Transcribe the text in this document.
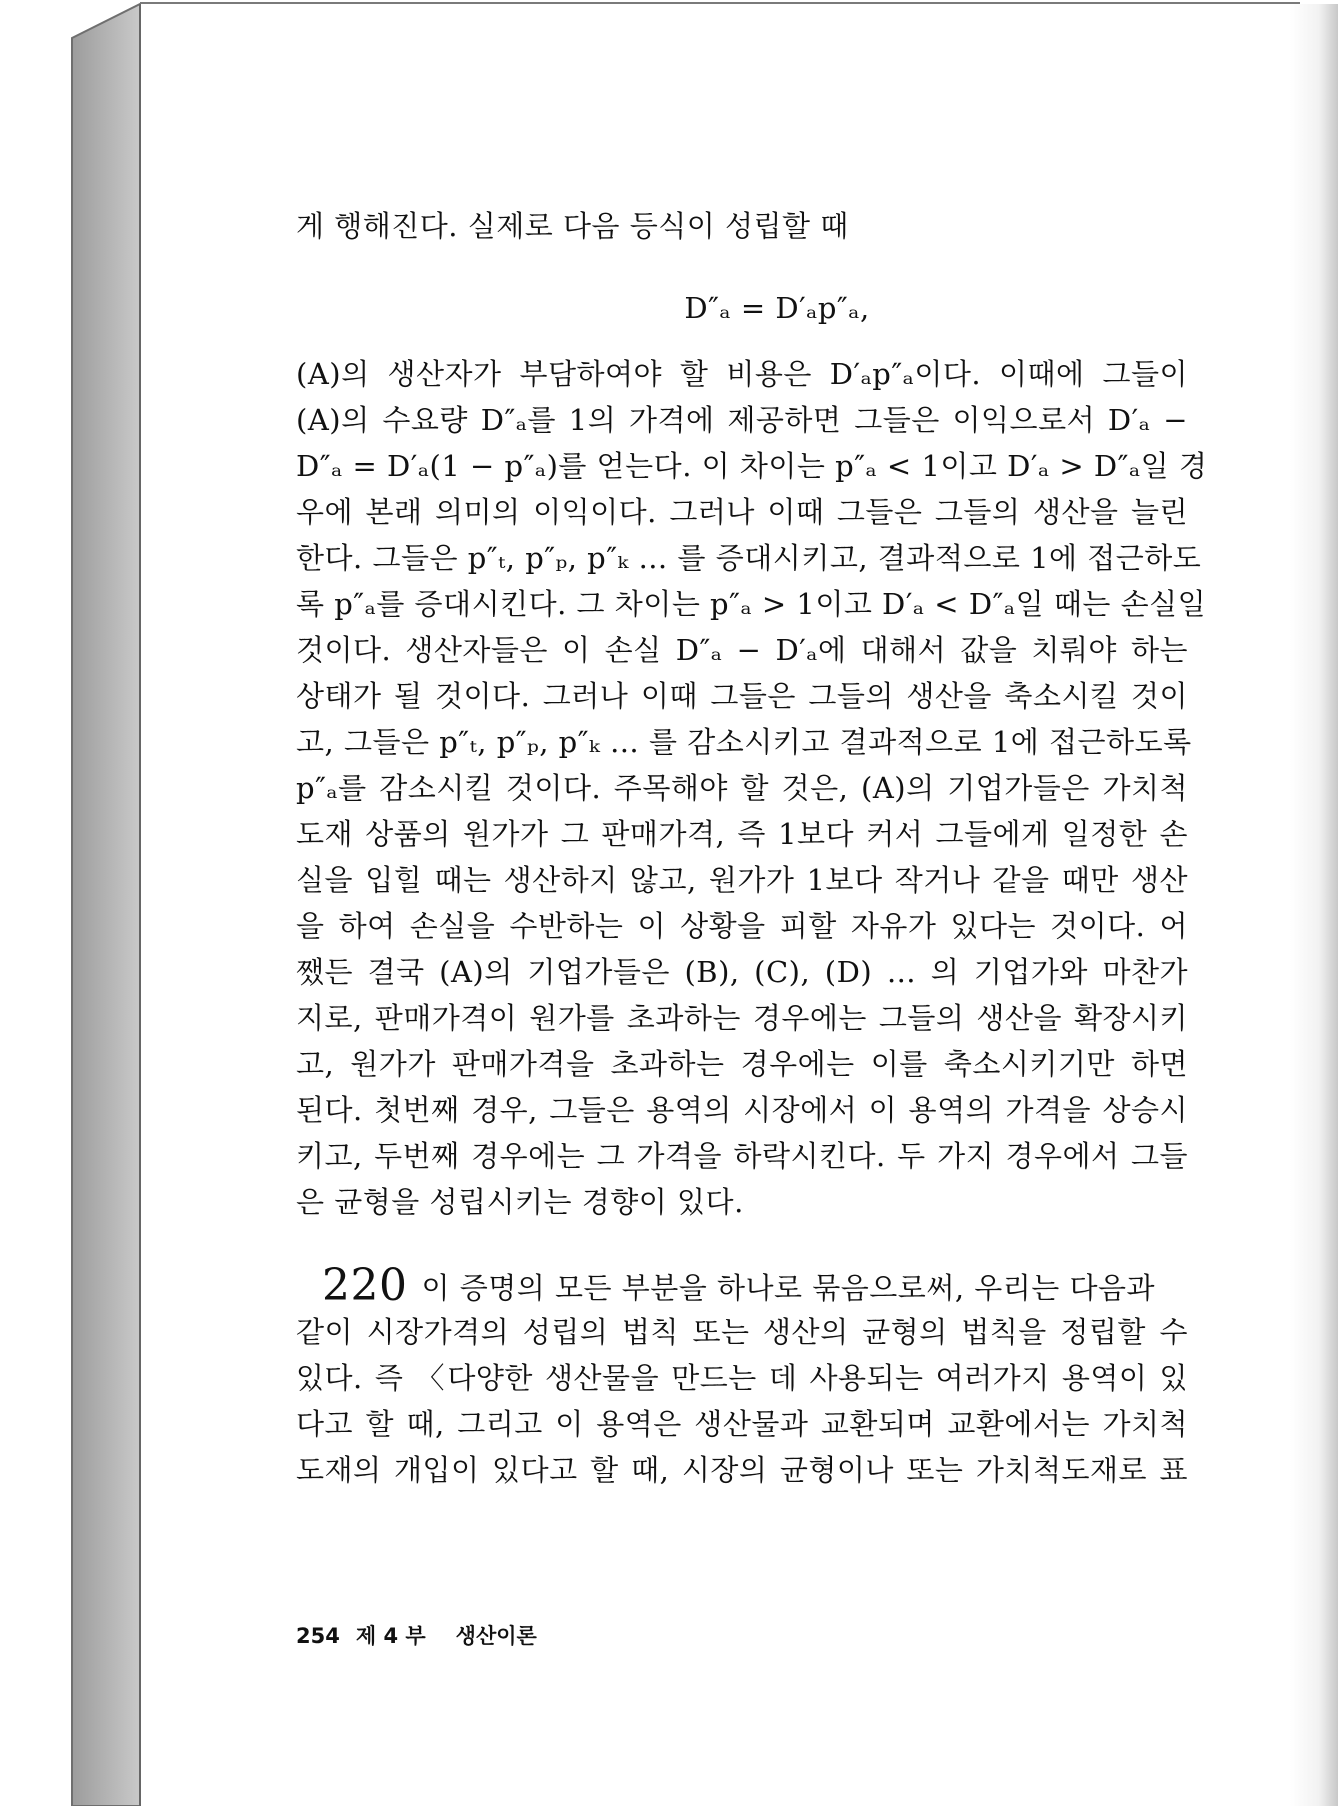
게 행해진다. 실제로 다음 등식이 성립할 때
D″ₐ = D′ₐp″ₐ,
(A)의 생산자가 부담하여야 할 비용은 D′ₐp″ₐ이다. 이때에 그들이
(A)의 수요량 D″ₐ를 1의 가격에 제공하면 그들은 이익으로서 D′ₐ −
D″ₐ = D′ₐ(1 − p″ₐ)를 얻는다. 이 차이는 p″ₐ < 1이고 D′ₐ > D″ₐ일 경
우에 본래 의미의 이익이다. 그러나 이때 그들은 그들의 생산을 늘린
한다. 그들은 p″ₜ, p″ₚ, p″ₖ … 를 증대시키고, 결과적으로 1에 접근하도
록 p″ₐ를 증대시킨다. 그 차이는 p″ₐ > 1이고 D′ₐ < D″ₐ일 때는 손실일
것이다. 생산자들은 이 손실 D″ₐ − D′ₐ에 대해서 값을 치뤄야 하는
상태가 될 것이다. 그러나 이때 그들은 그들의 생산을 축소시킬 것이
고, 그들은 p″ₜ, p″ₚ, p″ₖ … 를 감소시키고 결과적으로 1에 접근하도록
p″ₐ를 감소시킬 것이다. 주목해야 할 것은, (A)의 기업가들은 가치척
도재 상품의 원가가 그 판매가격, 즉 1보다 커서 그들에게 일정한 손
실을 입힐 때는 생산하지 않고, 원가가 1보다 작거나 같을 때만 생산
을 하여 손실을 수반하는 이 상황을 피할 자유가 있다는 것이다. 어
쨌든 결국 (A)의 기업가들은 (B), (C), (D) … 의 기업가와 마찬가
지로, 판매가격이 원가를 초과하는 경우에는 그들의 생산을 확장시키
고, 원가가 판매가격을 초과하는 경우에는 이를 축소시키기만 하면
된다. 첫번째 경우, 그들은 용역의 시장에서 이 용역의 가격을 상승시
키고, 두번째 경우에는 그 가격을 하락시킨다. 두 가지 경우에서 그들
은 균형을 성립시키는 경향이 있다.
220 이 증명의 모든 부분을 하나로 묶음으로써, 우리는 다음과
같이 시장가격의 성립의 법칙 또는 생산의 균형의 법칙을 정립할 수
있다. 즉 〈다양한 생산물을 만드는 데 사용되는 여러가지 용역이 있
다고 할 때, 그리고 이 용역은 생산물과 교환되며 교환에서는 가치척
도재의 개입이 있다고 할 때, 시장의 균형이나 또는 가치척도재로 표
254 제 4 부 생산이론
